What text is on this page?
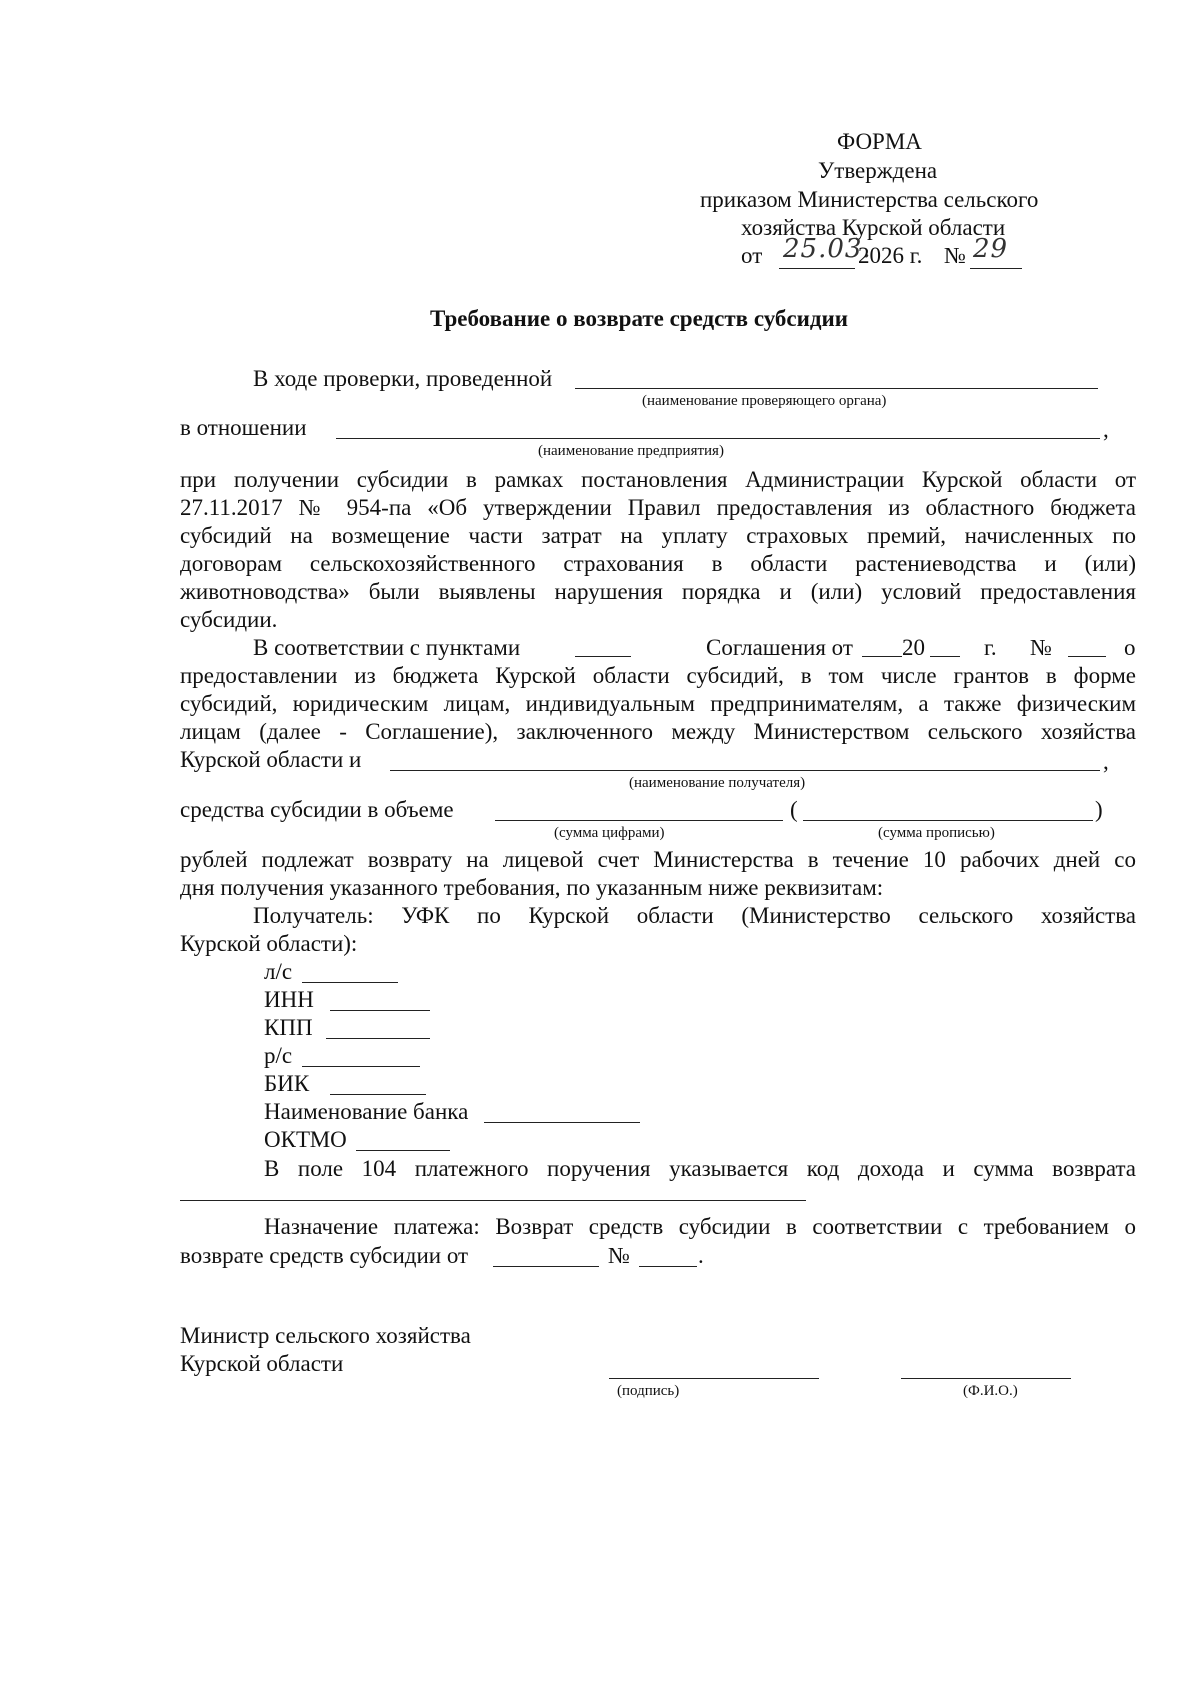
ФОРМА
Утверждена
приказом Министерства сельского
хозяйства Курской области
от 25.03.
2026 г. № 29
Требование о возврате средств субсидии
В ходе проверки, проведенной
(наименование проверяющего органа)
в отношении	,
(наименование предприятия)
при получении субсидии в рамках постановления Администрации Курской области от
27.11.2017 № 954-па «Об утверждении Правил предоставления из областного бюджета
субсидий на возмещение части затрат на уплату страховых премий, начисленных по
договорам сельскохозяйственного страхования в области растениеводства и (или)
животноводства» были выявлены нарушения порядка и (или) условий предоставления
субсидии.
В соответствии с пунктами	Соглашения от 20	г. №	о
предоставлении из бюджета Курской области субсидий, в том числе грантов в форме
субсидий, юридическим лицам, индивидуальным предпринимателям, а также физическим
лицам (далее - Соглашение), заключенного между Министерством сельского хозяйства
Курской области и	,
(наименование получателя)
средства субсидии в объеме	(	)
(сумма цифрами)	(сумма прописью)
рублей подлежат возврату на лицевой счет Министерства в течение 10 рабочих дней со
дня получения указанного требования, по указанным ниже реквизитам:
Получатель: УФК по Курской области (Министерство сельского хозяйства
Курской области):
л/с
ИНН
КПП
р/с
БИК
Наименование банка
ОКТМО
В поле 104 платежного поручения указывается код дохода и сумма возврата
Назначение платежа: Возврат средств субсидии в соответствии с требованием о
возврате средств субсидии от	№	.
Министр сельского хозяйства
Курской области
(подпись)	(Ф.И.О.)
